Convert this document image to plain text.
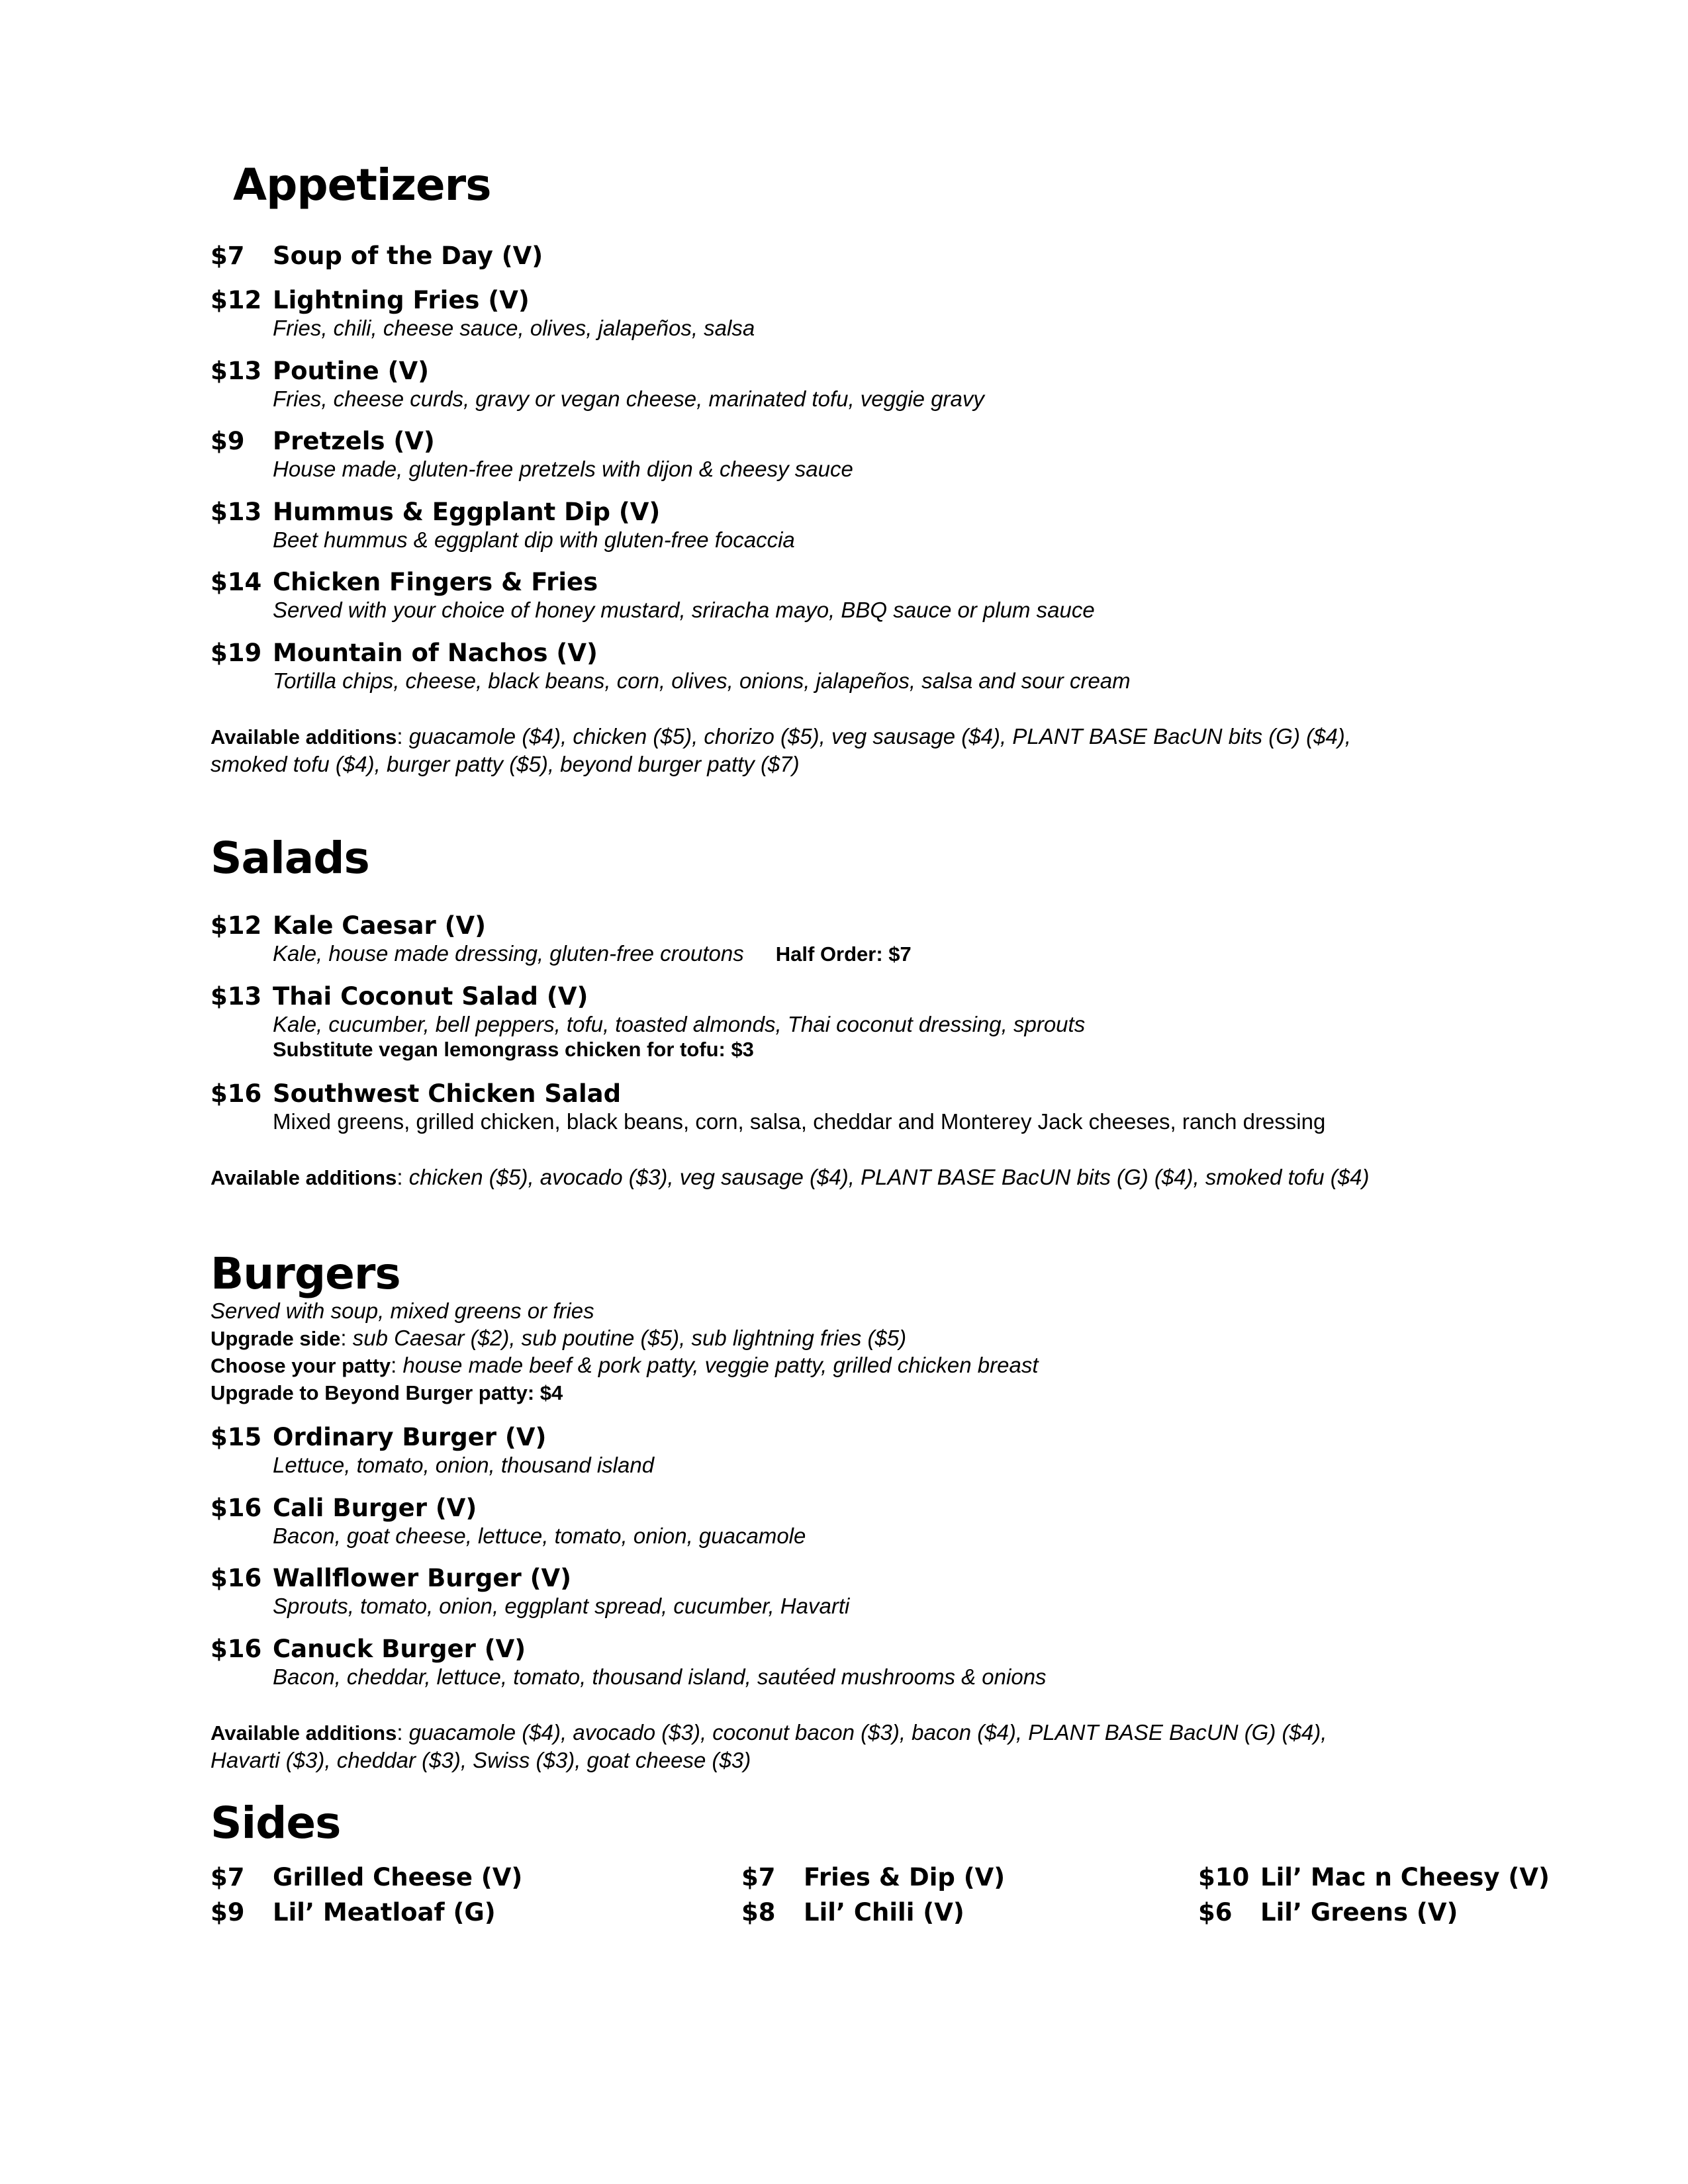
Appetizers
$7 Soup of the Day (V)
$12 Lightning Fries (V)
Fries, chili, cheese sauce, olives, jalapeños, salsa
$13 Poutine (V)
Fries, cheese curds, gravy or vegan cheese, marinated tofu, veggie gravy
$9 Pretzels (V)
House made, gluten-free pretzels with dijon & cheesy sauce
$13 Hummus & Eggplant Dip (V)
Beet hummus & eggplant dip with gluten-free focaccia
$14 Chicken Fingers & Fries
Served with your choice of honey mustard, sriracha mayo, BBQ sauce or plum sauce
$19 Mountain of Nachos (V)
Tortilla chips, cheese, black beans, corn, olives, onions, jalapeños, salsa and sour cream
Available additions: guacamole ($4), chicken ($5), chorizo ($5), veg sausage ($4), PLANT BASE BacUN bits (G) ($4),
smoked tofu ($4), burger patty ($5), beyond burger patty ($7)
Salads
$12 Kale Caesar (V)
Kale, house made dressing, gluten-free croutons Half Order: $7
$13 Thai Coconut Salad (V)
Kale, cucumber, bell peppers, tofu, toasted almonds, Thai coconut dressing, sprouts
Substitute vegan lemongrass chicken for tofu: $3
$16 Southwest Chicken Salad
Mixed greens, grilled chicken, black beans, corn, salsa, cheddar and Monterey Jack cheeses, ranch dressing
Available additions: chicken ($5), avocado ($3), veg sausage ($4), PLANT BASE BacUN bits (G) ($4), smoked tofu ($4)
Burgers
Served with soup, mixed greens or fries
Upgrade side: sub Caesar ($2), sub poutine ($5), sub lightning fries ($5)
Choose your patty: house made beef & pork patty, veggie patty, grilled chicken breast
Upgrade to Beyond Burger patty: $4
$15 Ordinary Burger (V)
Lettuce, tomato, onion, thousand island
$16 Cali Burger (V)
Bacon, goat cheese, lettuce, tomato, onion, guacamole
$16 Wallflower Burger (V)
Sprouts, tomato, onion, eggplant spread, cucumber, Havarti
$16 Canuck Burger (V)
Bacon, cheddar, lettuce, tomato, thousand island, sautéed mushrooms & onions
Available additions: guacamole ($4), avocado ($3), coconut bacon ($3), bacon ($4), PLANT BASE BacUN (G) ($4),
Havarti ($3), cheddar ($3), Swiss ($3), goat cheese ($3)
Sides
$7 Grilled Cheese (V)	$7 Fries & Dip (V)	$10 Lil’ Mac n Cheesy (V)
$9 Lil’ Meatloaf (G)	$8 Lil’ Chili (V)	$6 Lil’ Greens (V)
